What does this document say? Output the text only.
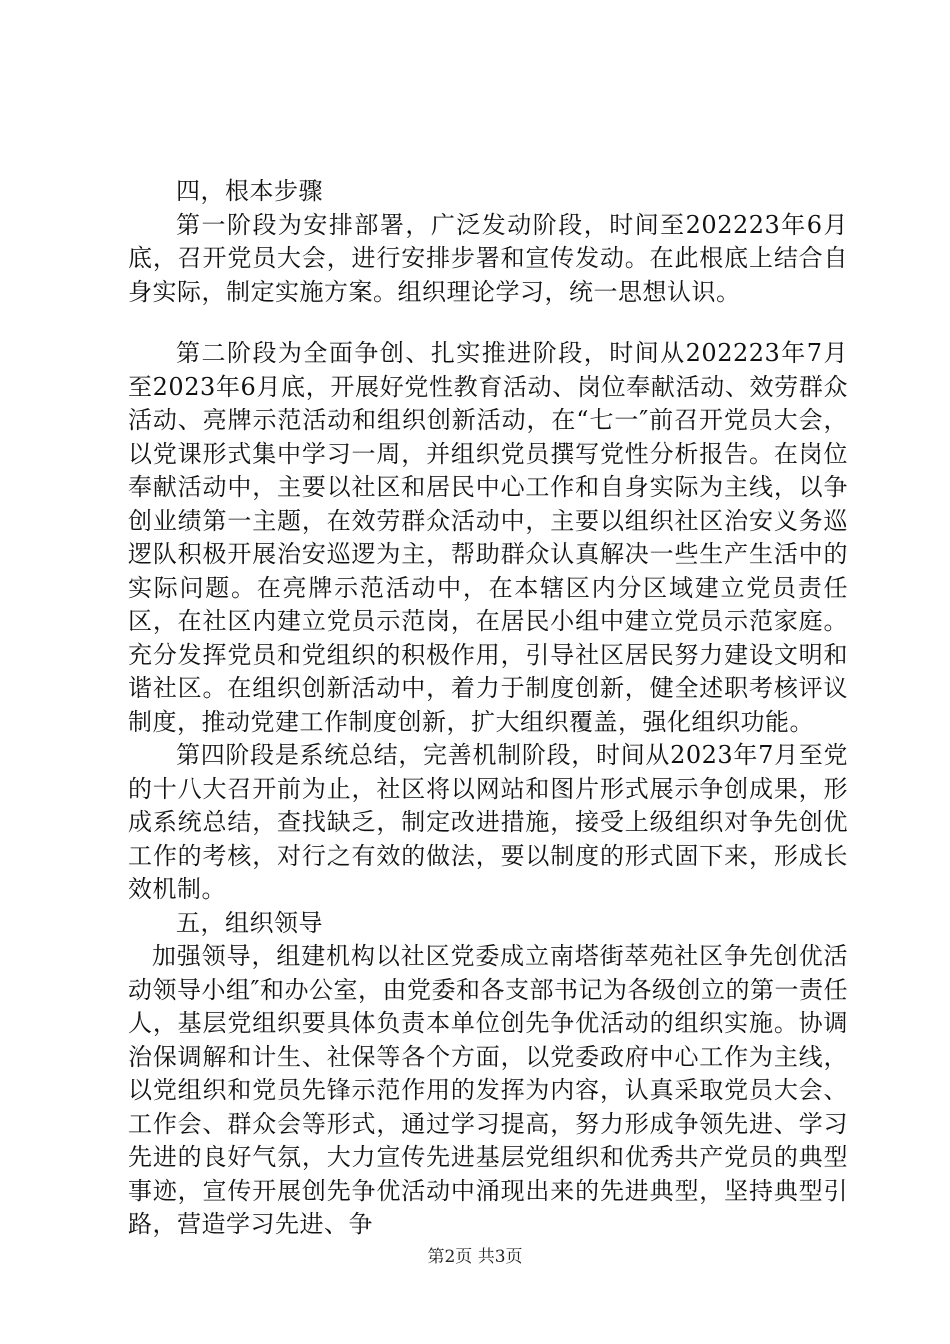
四，根本步骤

第一阶段为安排部署，广泛发动阶段，时间至202223年6月底，召开党员大会，进行安排步署和宣传发动。在此根底上结合自身实际，制定实施方案。组织理论学习，统一思想认识。

第二阶段为全面争创、扎实推进阶段，时间从202223年7月至2023年6月底，开展好党性教育活动、岗位奉献活动、效劳群众活动、亮牌示范活动和组织创新活动，在“七一″前召开党员大会，以党课形式集中学习一周，并组织党员撰写党性分析报告。在岗位奉献活动中，主要以社区和居民中心工作和自身实际为主线，以争创业绩第一主题，在效劳群众活动中，主要以组织社区治安义务巡逻队积极开展治安巡逻为主，帮助群众认真解决一些生产生活中的实际问题。在亮牌示范活动中，在本辖区内分区域建立党员责任区，在社区内建立党员示范岗，在居民小组中建立党员示范家庭。充分发挥党员和党组织的积极作用，引导社区居民努力建设文明和谐社区。在组织创新活动中，着力于制度创新，健全述职考核评议制度，推动党建工作制度创新，扩大组织覆盖，强化组织功能。

第四阶段是系统总结，完善机制阶段，时间从2023年7月至党的十八大召开前为止，社区将以网站和图片形式展示争创成果，形成系统总结，查找缺乏，制定改进措施，接受上级组织对争先创优工作的考核，对行之有效的做法，要以制度的形式固下来，形成长效机制。

五，组织领导

加强领导，组建机构以社区党委成立南塔街萃苑社区争先创优活动领导小组″和办公室，由党委和各支部书记为各级创立的第一责任人，基层党组织要具体负责本单位创先争优活动的组织实施。协调治保调解和计生、社保等各个方面，以党委政府中心工作为主线，以党组织和党员先锋示范作用的发挥为内容，认真采取党员大会、工作会、群众会等形式，通过学习提高，努力形成争领先进、学习先进的良好气氛，大力宣传先进基层党组织和优秀共产党员的典型事迹，宣传开展创先争优活动中涌现出来的先进典型，坚持典型引路，营造学习先进、争

第2页 共3页
